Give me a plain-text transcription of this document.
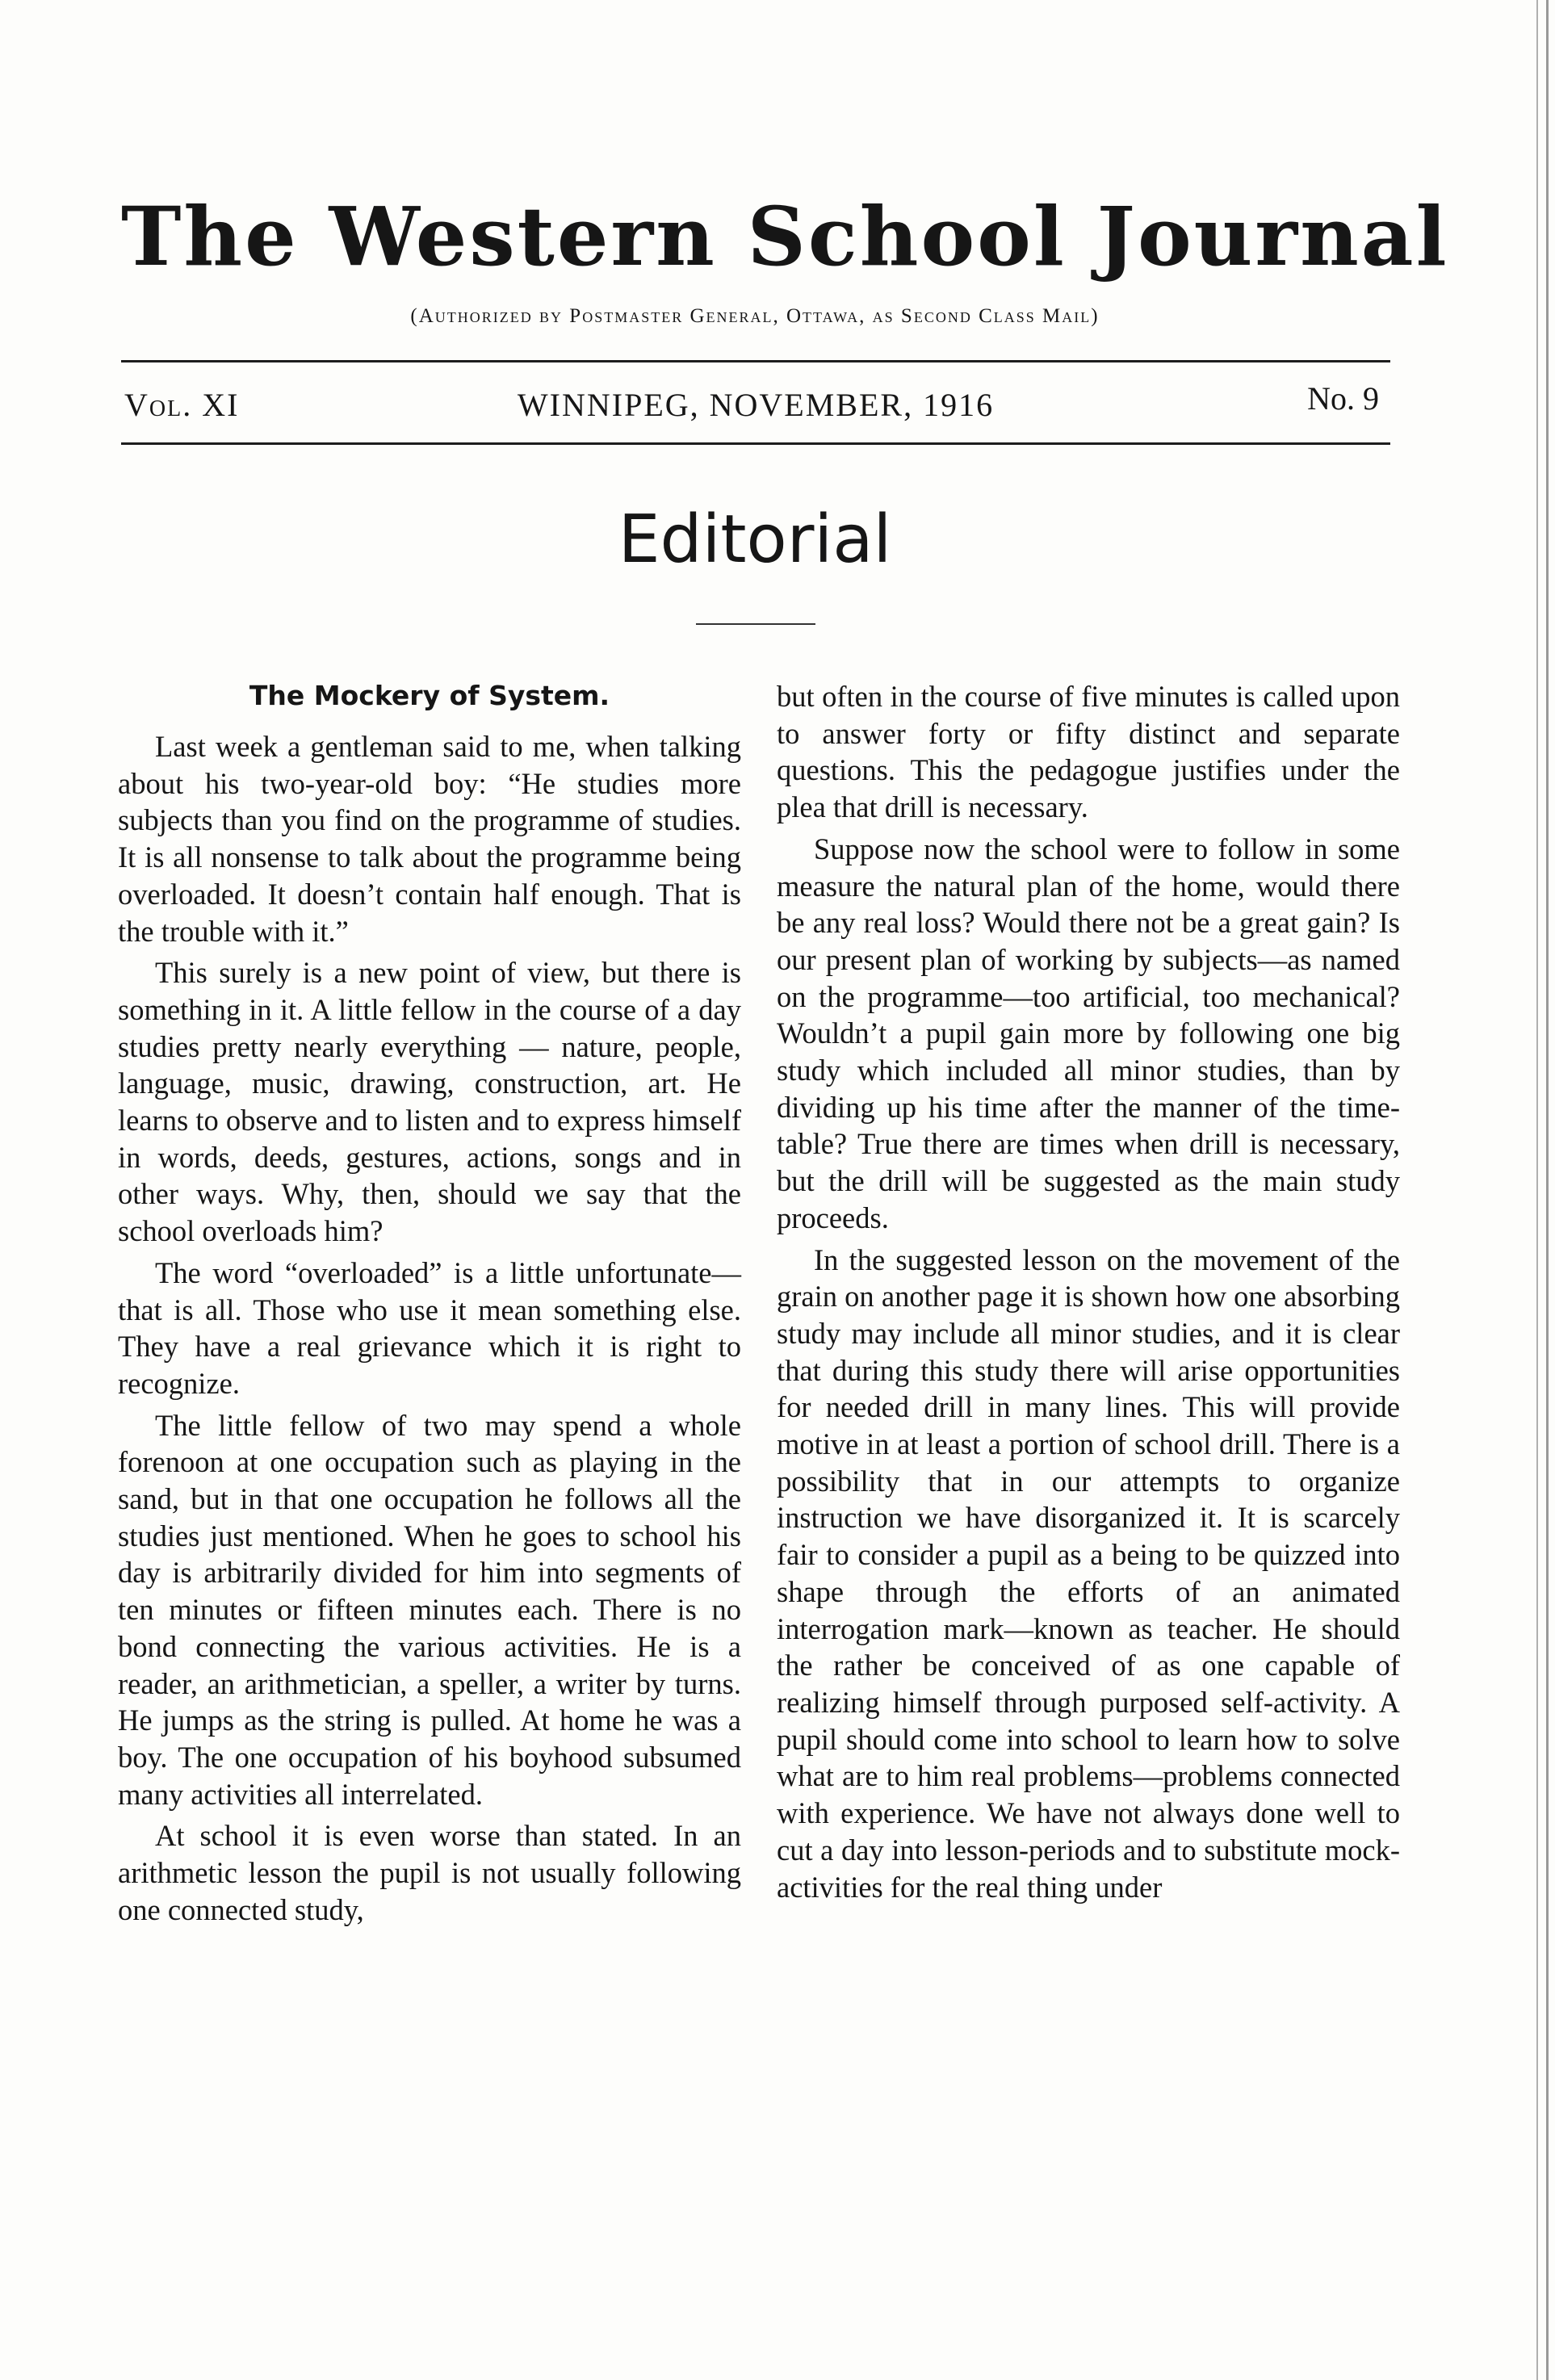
The Western School Journal
(Authorized by Postmaster General, Ottawa, as Second Class Mail)
WINNIPEG, NOVEMBER, 1916
Vol. XI	No. 9
Editorial
The Mockery of System.

Last week a gentleman said to me, when talking about his two-year-old boy: “He studies more subjects than you find on the programme of studies. It is all nonsense to talk about the programme being overloaded. It doesn’t contain half enough. That is the trouble with it.”

This surely is a new point of view, but there is something in it. A little fellow in the course of a day studies pretty nearly everything — nature, people, language, music, drawing, construction, art. He learns to observe and to listen and to express himself in words, deeds, gestures, actions, songs and in other ways. Why, then, should we say that the school overloads him?

The word “overloaded” is a little unfortunate—that is all. Those who use it mean something else. They have a real grievance which it is right to recognize.

The little fellow of two may spend a whole forenoon at one occupation such as playing in the sand, but in that one occupation he follows all the studies just mentioned. When he goes to school his day is arbitrarily divided for him into segments of ten minutes or fifteen minutes each. There is no bond connecting the various activities. He is a reader, an arithmetician, a speller, a writer by turns. He jumps as the string is pulled. At home he was a boy. The one occupation of his boyhood subsumed many activities all interrelated.

At school it is even worse than stated. In an arithmetic lesson the pupil is not usually following one connected study,

but often in the course of five minutes is called upon to answer forty or fifty distinct and separate questions. This the pedagogue justifies under the plea that drill is necessary.

Suppose now the school were to follow in some measure the natural plan of the home, would there be any real loss? Would there not be a great gain? Is our present plan of working by subjects—as named on the programme—too artificial, too mechanical? Wouldn’t a pupil gain more by following one big study which included all minor studies, than by dividing up his time after the manner of the time-table? True there are times when drill is necessary, but the drill will be suggested as the main study proceeds.

In the suggested lesson on the movement of the grain on another page it is shown how one absorbing study may include all minor studies, and it is clear that during this study there will arise opportunities for needed drill in many lines. This will provide motive in at least a portion of school drill. There is a possibility that in our attempts to organize instruction we have disorganized it. It is scarcely fair to consider a pupil as a being to be quizzed into shape through the efforts of an animated interrogation mark—known as teacher. He should the rather be conceived of as one capable of realizing himself through purposed self-activity. A pupil should come into school to learn how to solve what are to him real problems—problems connected with experience. We have not always done well to cut a day into lesson-periods and to substitute mock-activities for the real thing under
